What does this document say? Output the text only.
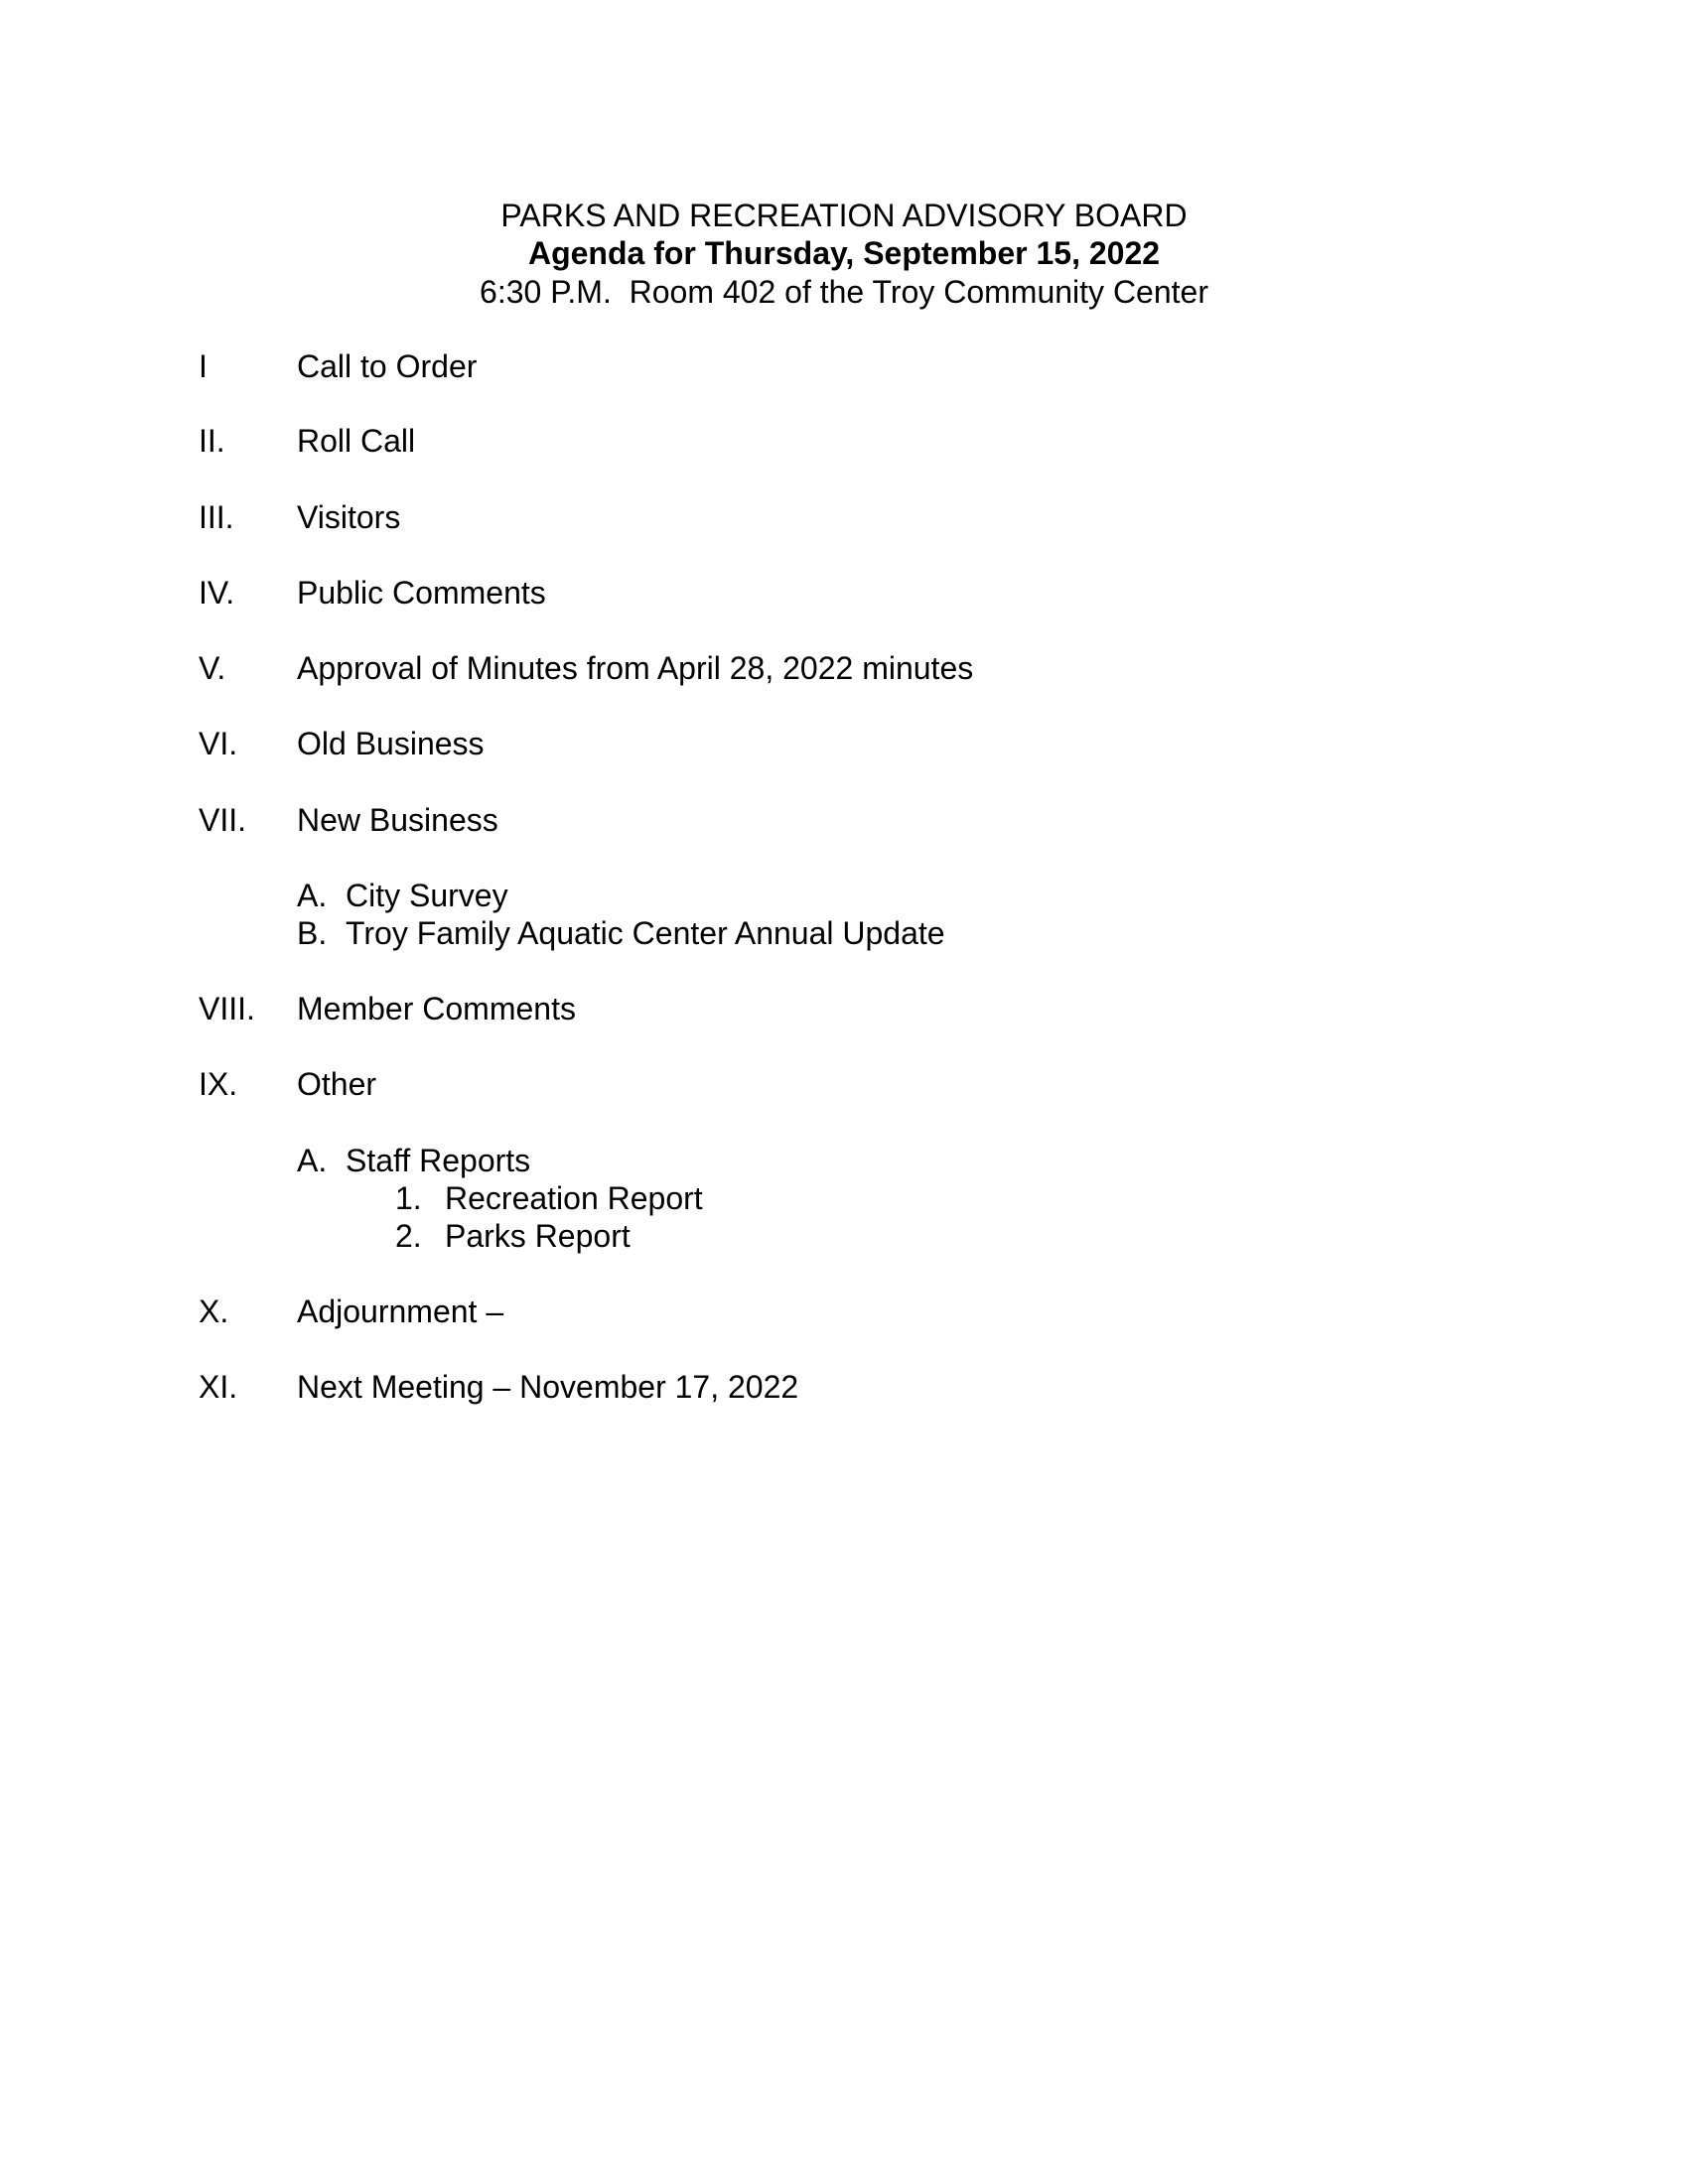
PARKS AND RECREATION ADVISORY BOARD
Agenda for Thursday, September 15, 2022
6:30 P.M.  Room 402 of the Troy Community Center
I	Call to Order
II. Roll Call
III. Visitors
IV. Public Comments
V. Approval of Minutes from April 28, 2022 minutes
VI. Old Business
VII. New Business
A. City Survey
B. Troy Family Aquatic Center Annual Update
VIII. Member Comments
IX. Other
A. Staff Reports
1. Recreation Report
2. Parks Report
X. Adjournment –
XI. Next Meeting – November 17, 2022
